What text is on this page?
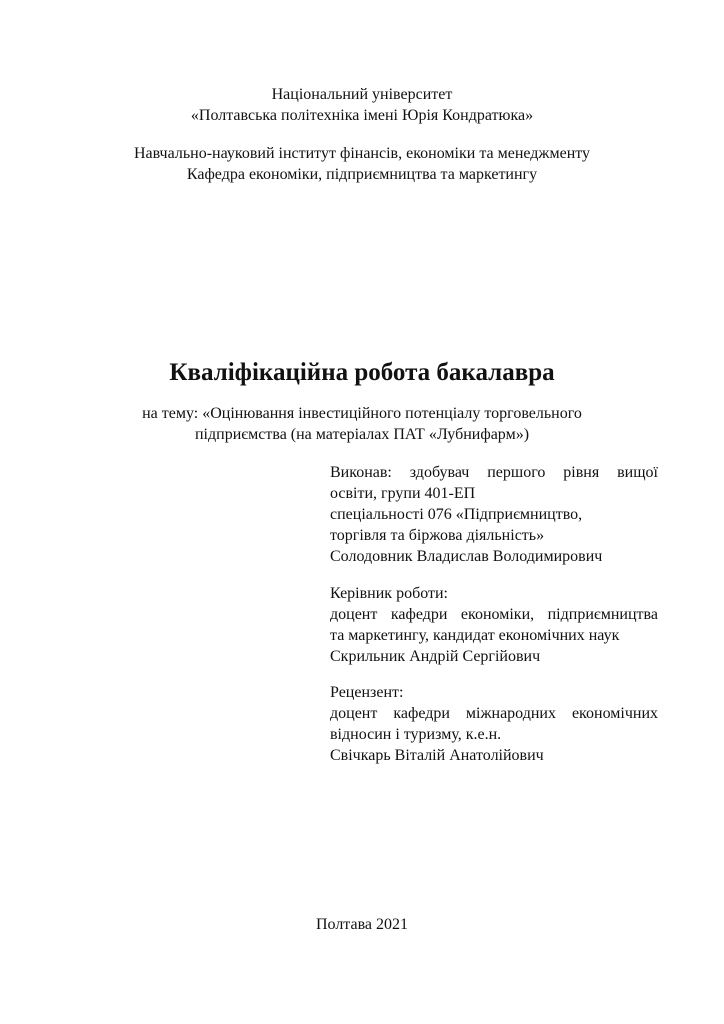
Національний університет
«Полтавська політехніка імені Юрія Кондратюка»
Навчально-науковий інститут фінансів, економіки та менеджменту
Кафедра економіки, підприємництва та маркетингу
Кваліфікаційна робота бакалавра
на тему: «Оцінювання інвестиційного потенціалу торговельного
підприємства (на матеріалах ПАТ «Лубнифарм»)
Виконав: здобувач першого рівня вищої
освіти, групи 401-ЕП
спеціальності 076 «Підприємництво,
торгівля та біржова діяльність»
Солодовник Владислав Володимирович
Керівник роботи:
доцент кафедри економіки, підприємництва
та маркетингу, кандидат економічних наук
Скрильник Андрій Сергійович
Рецензент:
доцент кафедри міжнародних економічних
відносин і туризму, к.е.н.
Свічкарь Віталій Анатолійович
Полтава 2021
